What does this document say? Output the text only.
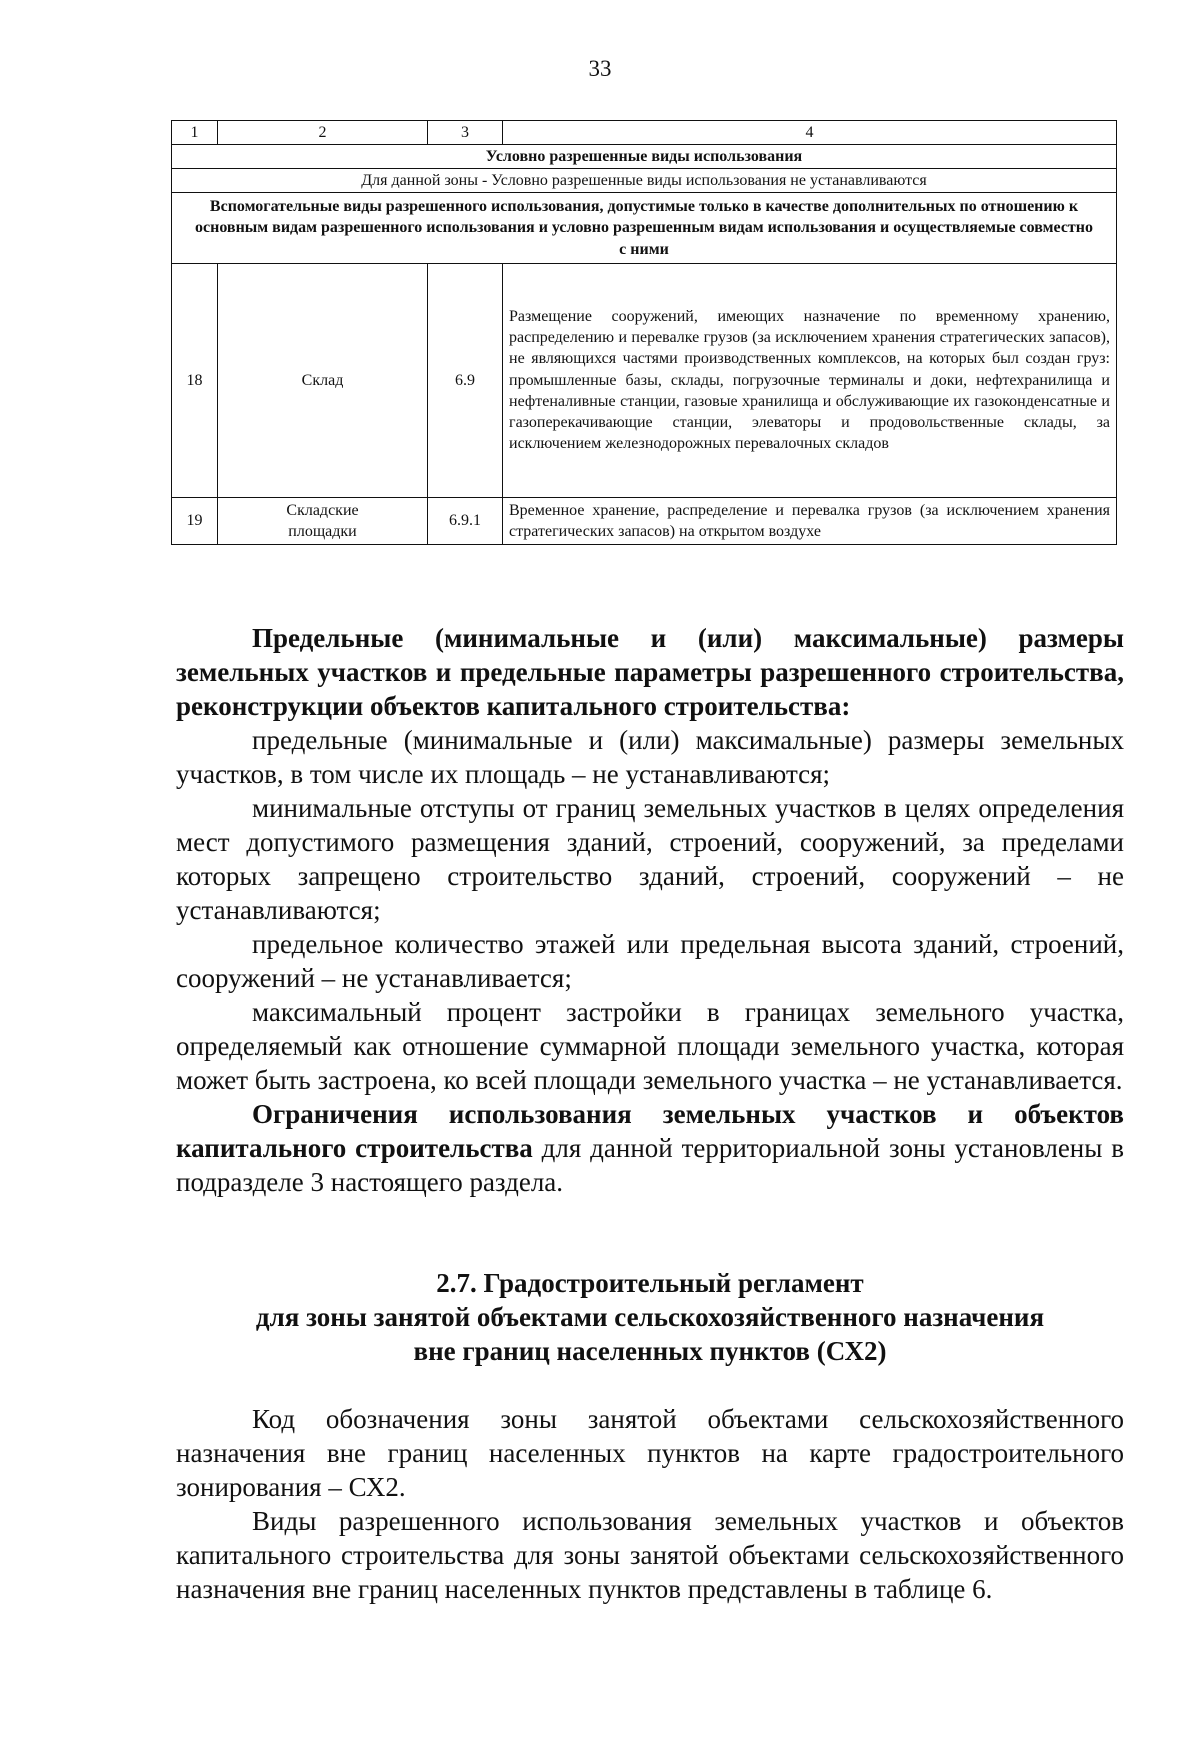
33
1	2	3	4
Условно разрешенные виды использования			
Для данной зоны - Условно разрешенные виды использования не устанавливаются			
Вспомогательные виды разрешенного использования, допустимые только в качестве дополнительных по отношению к основным видам разрешенного использования и условно разрешенным видам использования и осуществляемые совместно с ними			
18	Склад	6.9	Размещение сооружений, имеющих назначение по временному хранению, распределению и перевалке грузов (за исключением хранения стратегических запасов), не являющихся частями производственных комплексов, на которых был создан груз: промышленные базы, склады, погрузочные терминалы и доки, нефтехранилища и нефтеналивные станции, газовые хранилища и обслуживающие их газоконденсатные и газоперекачивающие станции, элеваторы и продовольственные склады, за исключением железнодорожных перевалочных складов
19	Складские площадки	6.9.1	Временное хранение, распределение и перевалка грузов (за исключением хранения стратегических запасов) на открытом воздухе

Предельные (минимальные и (или) максимальные) размеры земельных участков и предельные параметры разрешенного строительства, реконструкции объектов капитального строительства:

предельные (минимальные и (или) максимальные) размеры земельных участков, в том числе их площадь – не устанавливаются;

минимальные отступы от границ земельных участков в целях определения мест допустимого размещения зданий, строений, сооружений, за пределами которых запрещено строительство зданий, строений, сооружений – не устанавливаются;

предельное количество этажей или предельная высота зданий, строений, сооружений – не устанавливается;

максимальный процент застройки в границах земельного участка, определяемый как отношение суммарной площади земельного участка, которая может быть застроена, ко всей площади земельного участка – не устанавливается.

Ограничения использования земельных участков и объектов капитального строительства для данной территориальной зоны установлены в подразделе 3 настоящего раздела.

2.7. Градостроительный регламент
для зоны занятой объектами сельскохозяйственного назначения
вне границ населенных пунктов (СХ2)

Код обозначения зоны занятой объектами сельскохозяйственного назначения вне границ населенных пунктов на карте градостроительного зонирования – СХ2.

Виды разрешенного использования земельных участков и объектов капитального строительства для зоны занятой объектами сельскохозяйственного назначения вне границ населенных пунктов представлены в таблице 6.
